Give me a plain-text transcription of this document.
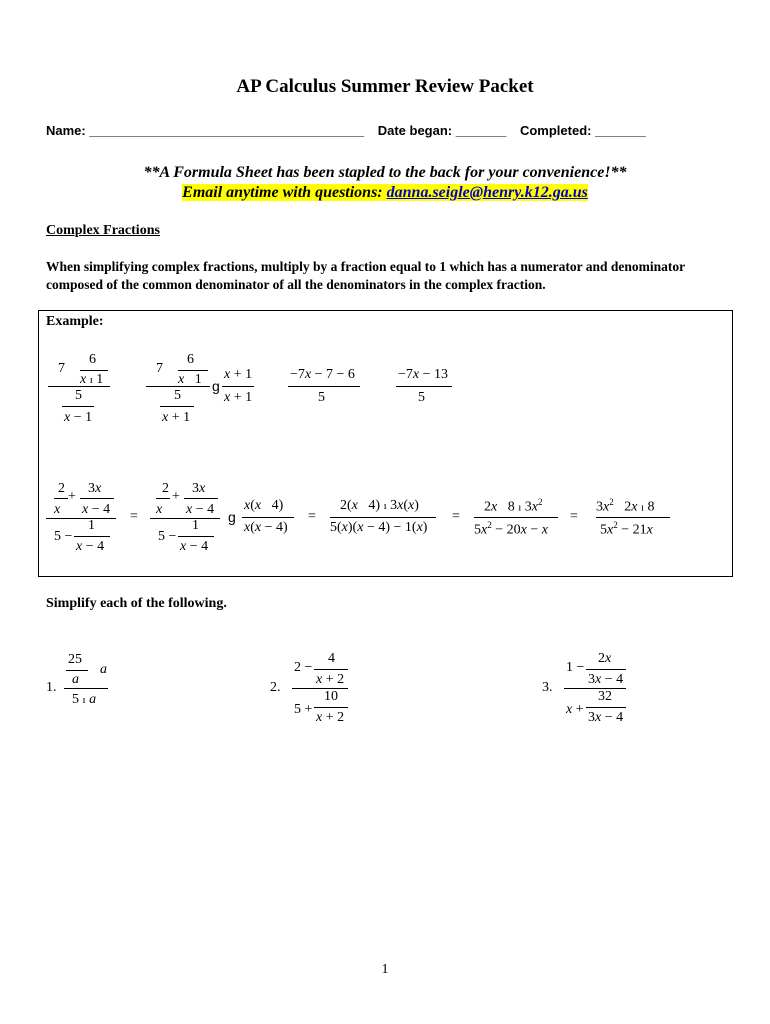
AP Calculus Summer Review Packet
Name: ______________________________________ Date began: _______ Completed: _______
**A Formula Sheet has been stapled to the back for your convenience!**
Email anytime with questions: danna.seigle@henry.k12.ga.us
Complex Fractions
When simplifying complex fractions, multiply by a fraction equal to 1 which has a numerator and denominator composed of the common denominator of all the denominators in the complex fraction.
Example:
7
6
x ı 1
5
x − 1
7
6
x   1
5
x + 1
g
x + 1
x + 1
−7x − 7 − 6
5
−7x − 13
5
2 3x
+
x x − 4
5 −
1
x − 4
=
2 3x
+
x x − 4
5 −
1
x − 4
g
x(x   4)
x(x − 4)
=
2(x   4) ı 3x(x)
5(x)(x − 4) − 1(x)
=
2x   8 ı $3x^2$
$5x^2 - 20x - x$
=
$3x^2$   2x ı 8
$5x^2 - 21x$
Simplify each of the following.
1.
25
a
a
5 ı a
2.
2 −
4
x + 2
5 +
10
x + 2
3.
1 −
2x
3x − 4
x +
32
3x − 4
1
